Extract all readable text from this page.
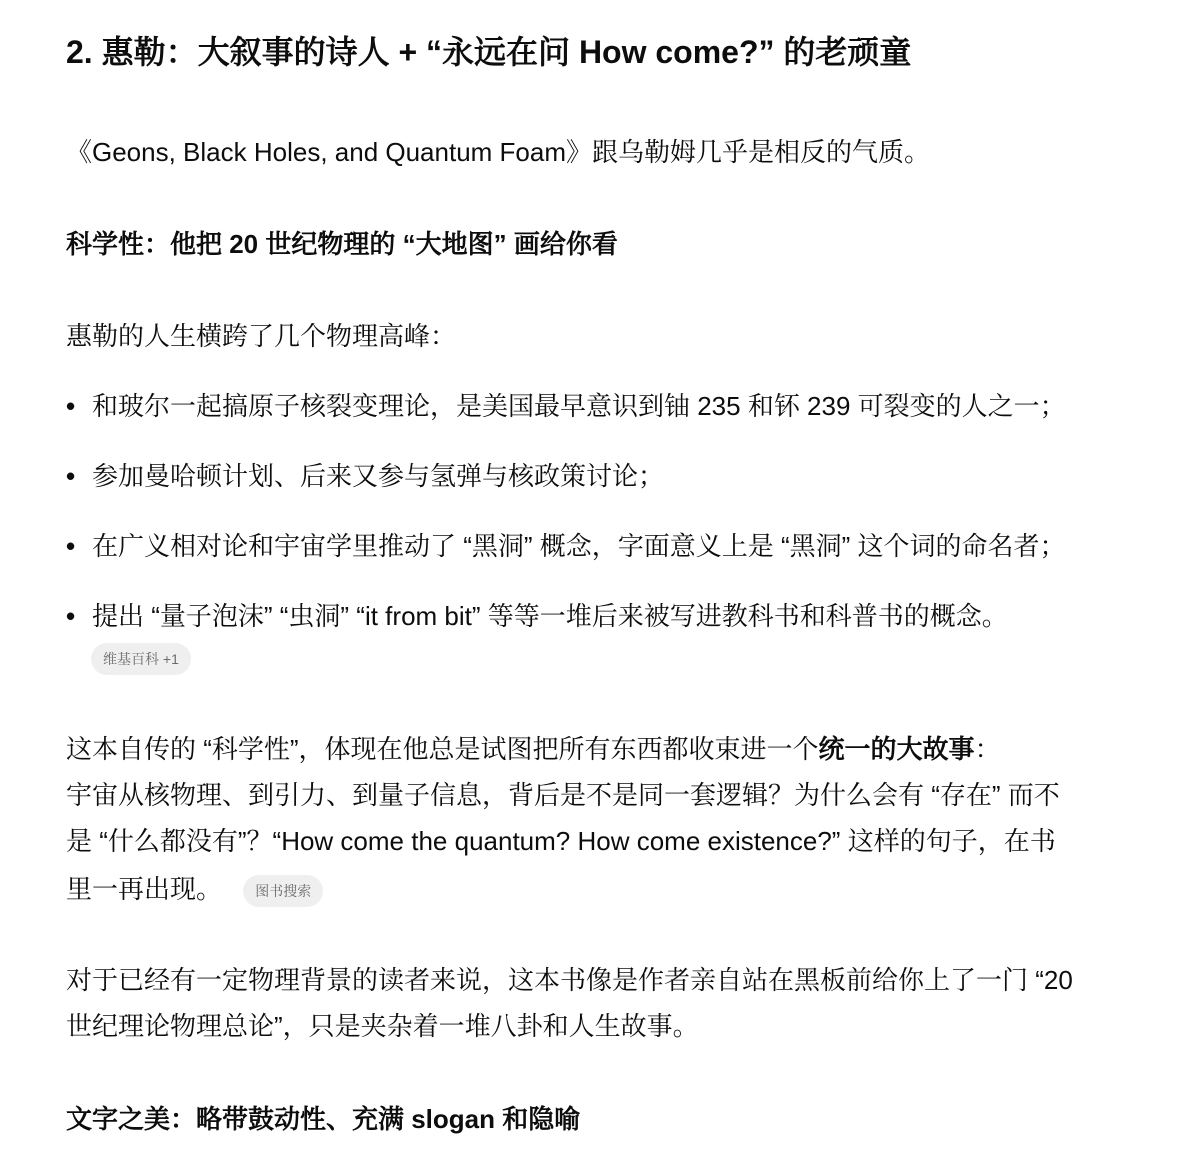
2. 惠勒：大叙事的诗人 + “永远在问 How come?” 的老顽童

《Geons, Black Holes, and Quantum Foam》跟乌勒姆几乎是相反的气质。

科学性：他把 20 世纪物理的 “大地图” 画给你看

惠勒的人生横跨了几个物理高峰：

• 和玻尔一起搞原子核裂变理论，是美国最早意识到铀 235 和钚 239 可裂变的人之一；
• 参加曼哈顿计划、后来又参与氢弹与核政策讨论；
• 在广义相对论和宇宙学里推动了 “黑洞” 概念，字面意义上是 “黑洞” 这个词的命名者；
• 提出 “量子泡沫” “虫洞” “it from bit” 等等一堆后来被写进教科书和科普书的概念。
维基百科 +1

这本自传的 “科学性”，体现在他总是试图把所有东西都收束进一个统一的大故事：

宇宙从核物理、到引力、到量子信息，背后是不是同一套逻辑？为什么会有 “存在” 而不

是 “什么都没有”？“How come the quantum? How come existence?” 这样的句子，在书

里一再出现。 图书搜索

对于已经有一定物理背景的读者来说，这本书像是作者亲自站在黑板前给你上了一门 “20

世纪理论物理总论”，只是夹杂着一堆八卦和人生故事。

文字之美：略带鼓动性、充满 slogan 和隐喻
